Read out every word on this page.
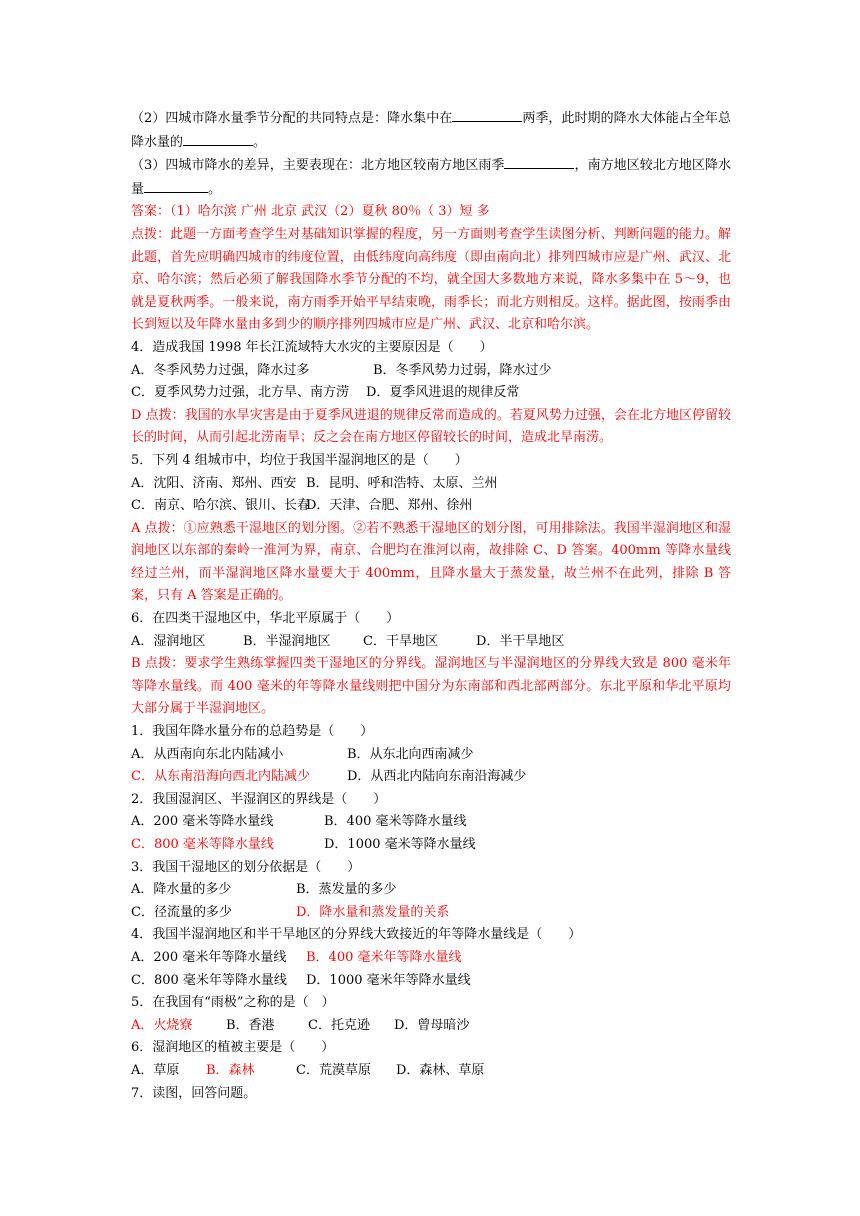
（2）四城市降水量季节分配的共同特点是：降水集中在	两季，此时期的降水大体能占全年总降水量的	。

（3）四城市降水的差异，主要表现在：北方地区较南方地区雨季	，南方地区较北方地区降水量	。

答案：（1）哈尔滨 广州 北京 武汉（2）夏秋 80％（ 3）短 多

点拨：此题一方面考查学生对基础知识掌握的程度，另一方面则考查学生读图分析、判断问题的能力。解此题，首先应明确四城市的纬度位置，由低纬度向高纬度（即由南向北）排列四城市应是广州、武汉、北京、哈尔滨；然后必须了解我国降水季节分配的不均，就全国大多数地方来说，降水多集中在 5～9，也就是夏秋两季。一般来说，南方雨季开始平早结束晚，雨季长；而北方则相反。这样。据此图，按雨季由长到短以及年降水量由多到少的顺序排列四城市应是广州、武汉、北京和哈尔滨。

4．造成我国 1998 年长江流域特大水灾的主要原因是（　　）

A．冬季风势力过强，降水过多	B．冬季风势力过弱，降水过少
C．夏季风势力过强，北方旱、南方涝	D．夏季风进退的规律反常

D 点拨：我国的水旱灾害是由于夏季风进退的规律反常而造成的。若夏风势力过强，会在北方地区停留较长的时间，从而引起北涝南旱；反之会在南方地区停留较长的时间，造成北旱南涝。

5．下列 4 组城市中，均位于我国半湿润地区的是（　　）

A．沈阳、济南、郑州、西安 B．昆明、呼和浩特、太原、兰州
C．南京、哈尔滨、银川、长春
D．天津、合肥、郑州、徐州

A 点拨：①应熟悉干湿地区的划分图。②若不熟悉干湿地区的划分图，可用排除法。我国半湿润地区和湿润地区以东部的秦岭一淮河为界，南京、合肥均在淮河以南，故排除 C、D 答案。400mm 等降水量线经过兰州，而半湿润地区降水量要大于 400mm，且降水量大于蒸发量，故兰州不在此列，排除 B 答案，只有 A 答案是正确的。

6．在四类干湿地区中，华北平原属于（　　）

A．湿润地区	B．半湿润地区	C．干旱地区	D．半干旱地区

B 点拨：要求学生熟练掌握四类干湿地区的分界线。湿润地区与半湿润地区的分界线大致是 800 毫米年等降水量线。而 400 毫米的年等降水量线则把中国分为东南部和西北部两部分。东北平原和华北平原均大部分属于半湿润地区。

1．我国年降水量分布的总趋势是（　　）

A．从西南向东北内陆减小	B．从东北向西南减少
C．从东南沿海向西北内陆减少	D．从西北内陆向东南沿海减少

2．我国湿润区、半湿润区的界线是（　　）

A．200 毫米等降水量线	B．400 毫米等降水量线
C．800 毫米等降水量线	D．1000 毫米等降水量线

3．我国干湿地区的划分依据是（　　）

A．降水量的多少	B．蒸发量的多少
C．径流量的多少	D．降水量和蒸发量的关系

4．我国半湿润地区和半干旱地区的分界线大致接近的年等降水量线是（　　）

A．200 毫米年等降水量线	B．400 毫米年等降水量线
C．800 毫米年等降水量线	D．1000 毫米年等降水量线

5．在我国有“雨极”之称的是（　）

A．火烧寮	B．香港	C．托克逊	D．曾母暗沙

6．湿润地区的植被主要是（　　）

A．草原	B．森林	C．荒漠草原	D．森林、草原

7．读图，回答问题。
